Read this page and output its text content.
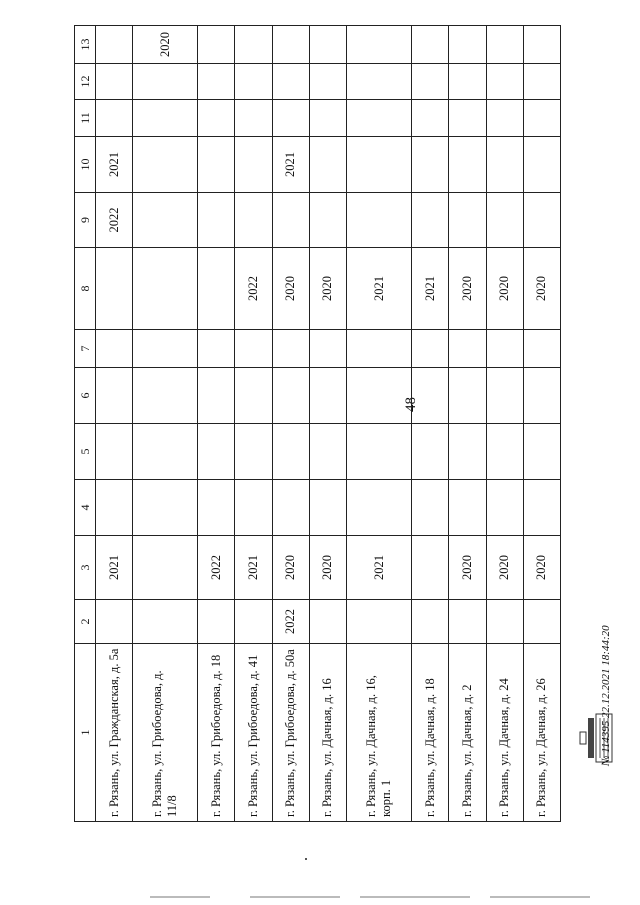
48
1	2	3	4	5	6	7	8	9	10	11	12	13
г. Рязань, ул. Гражданская, д. 5а		2021						2022	2021			
г. Рязань, ул. Грибоедова, д. 11/8												2020
г. Рязань, ул. Грибоедова, д. 18		2022										
г. Рязань, ул. Грибоедова, д. 41		2021					2022					
г. Рязань, ул. Грибоедова, д. 50а	2022	2020					2020		2021			
г. Рязань, ул. Дачная, д. 16		2020					2020					
г. Рязань, ул. Дачная, д. 16, корп. 1		2021					2021					
г. Рязань, ул. Дачная, д. 18							2021					
г. Рязань, ул. Дачная, д. 2		2020					2020					
г. Рязань, ул. Дачная, д. 24		2020					2020					
г. Рязань, ул. Дачная, д. 26		2020					2020					
№ 114395 22.12.2021 18:44:20
